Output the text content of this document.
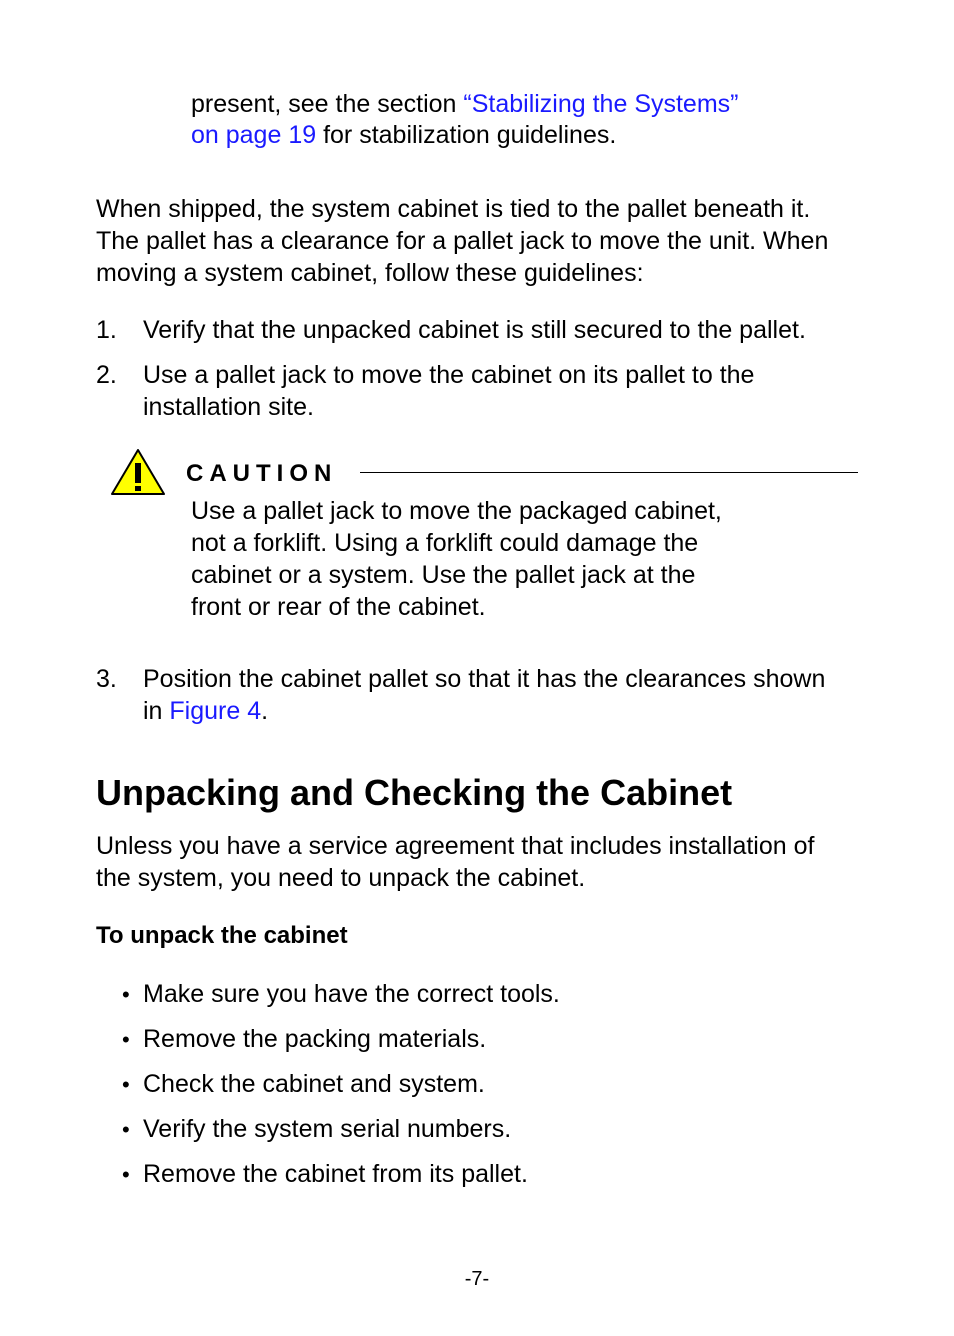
present, see the section “Stabilizing the Systems”
on page 19 for stabilization guidelines.
When shipped, the system cabinet is tied to the pallet beneath it.
The pallet has a clearance for a pallet jack to move the unit. When
moving a system cabinet, follow these guidelines:
1.	Verify that the unpacked cabinet is still secured to the pallet.
2.	Use a pallet jack to move the cabinet on its pallet to the
installation site.
CAUTION
Use a pallet jack to move the packaged cabinet,
not a forklift. Using a forklift could damage the
cabinet or a system. Use the pallet jack at the
front or rear of the cabinet.
3.	Position the cabinet pallet so that it has the clearances shown
in Figure 4.
Unpacking and Checking the Cabinet
Unless you have a service agreement that includes installation of
the system, you need to unpack the cabinet.
To unpack the cabinet
• Make sure you have the correct tools.
• Remove the packing materials.
• Check the cabinet and system.
• Verify the system serial numbers.
• Remove the cabinet from its pallet.
-7-
